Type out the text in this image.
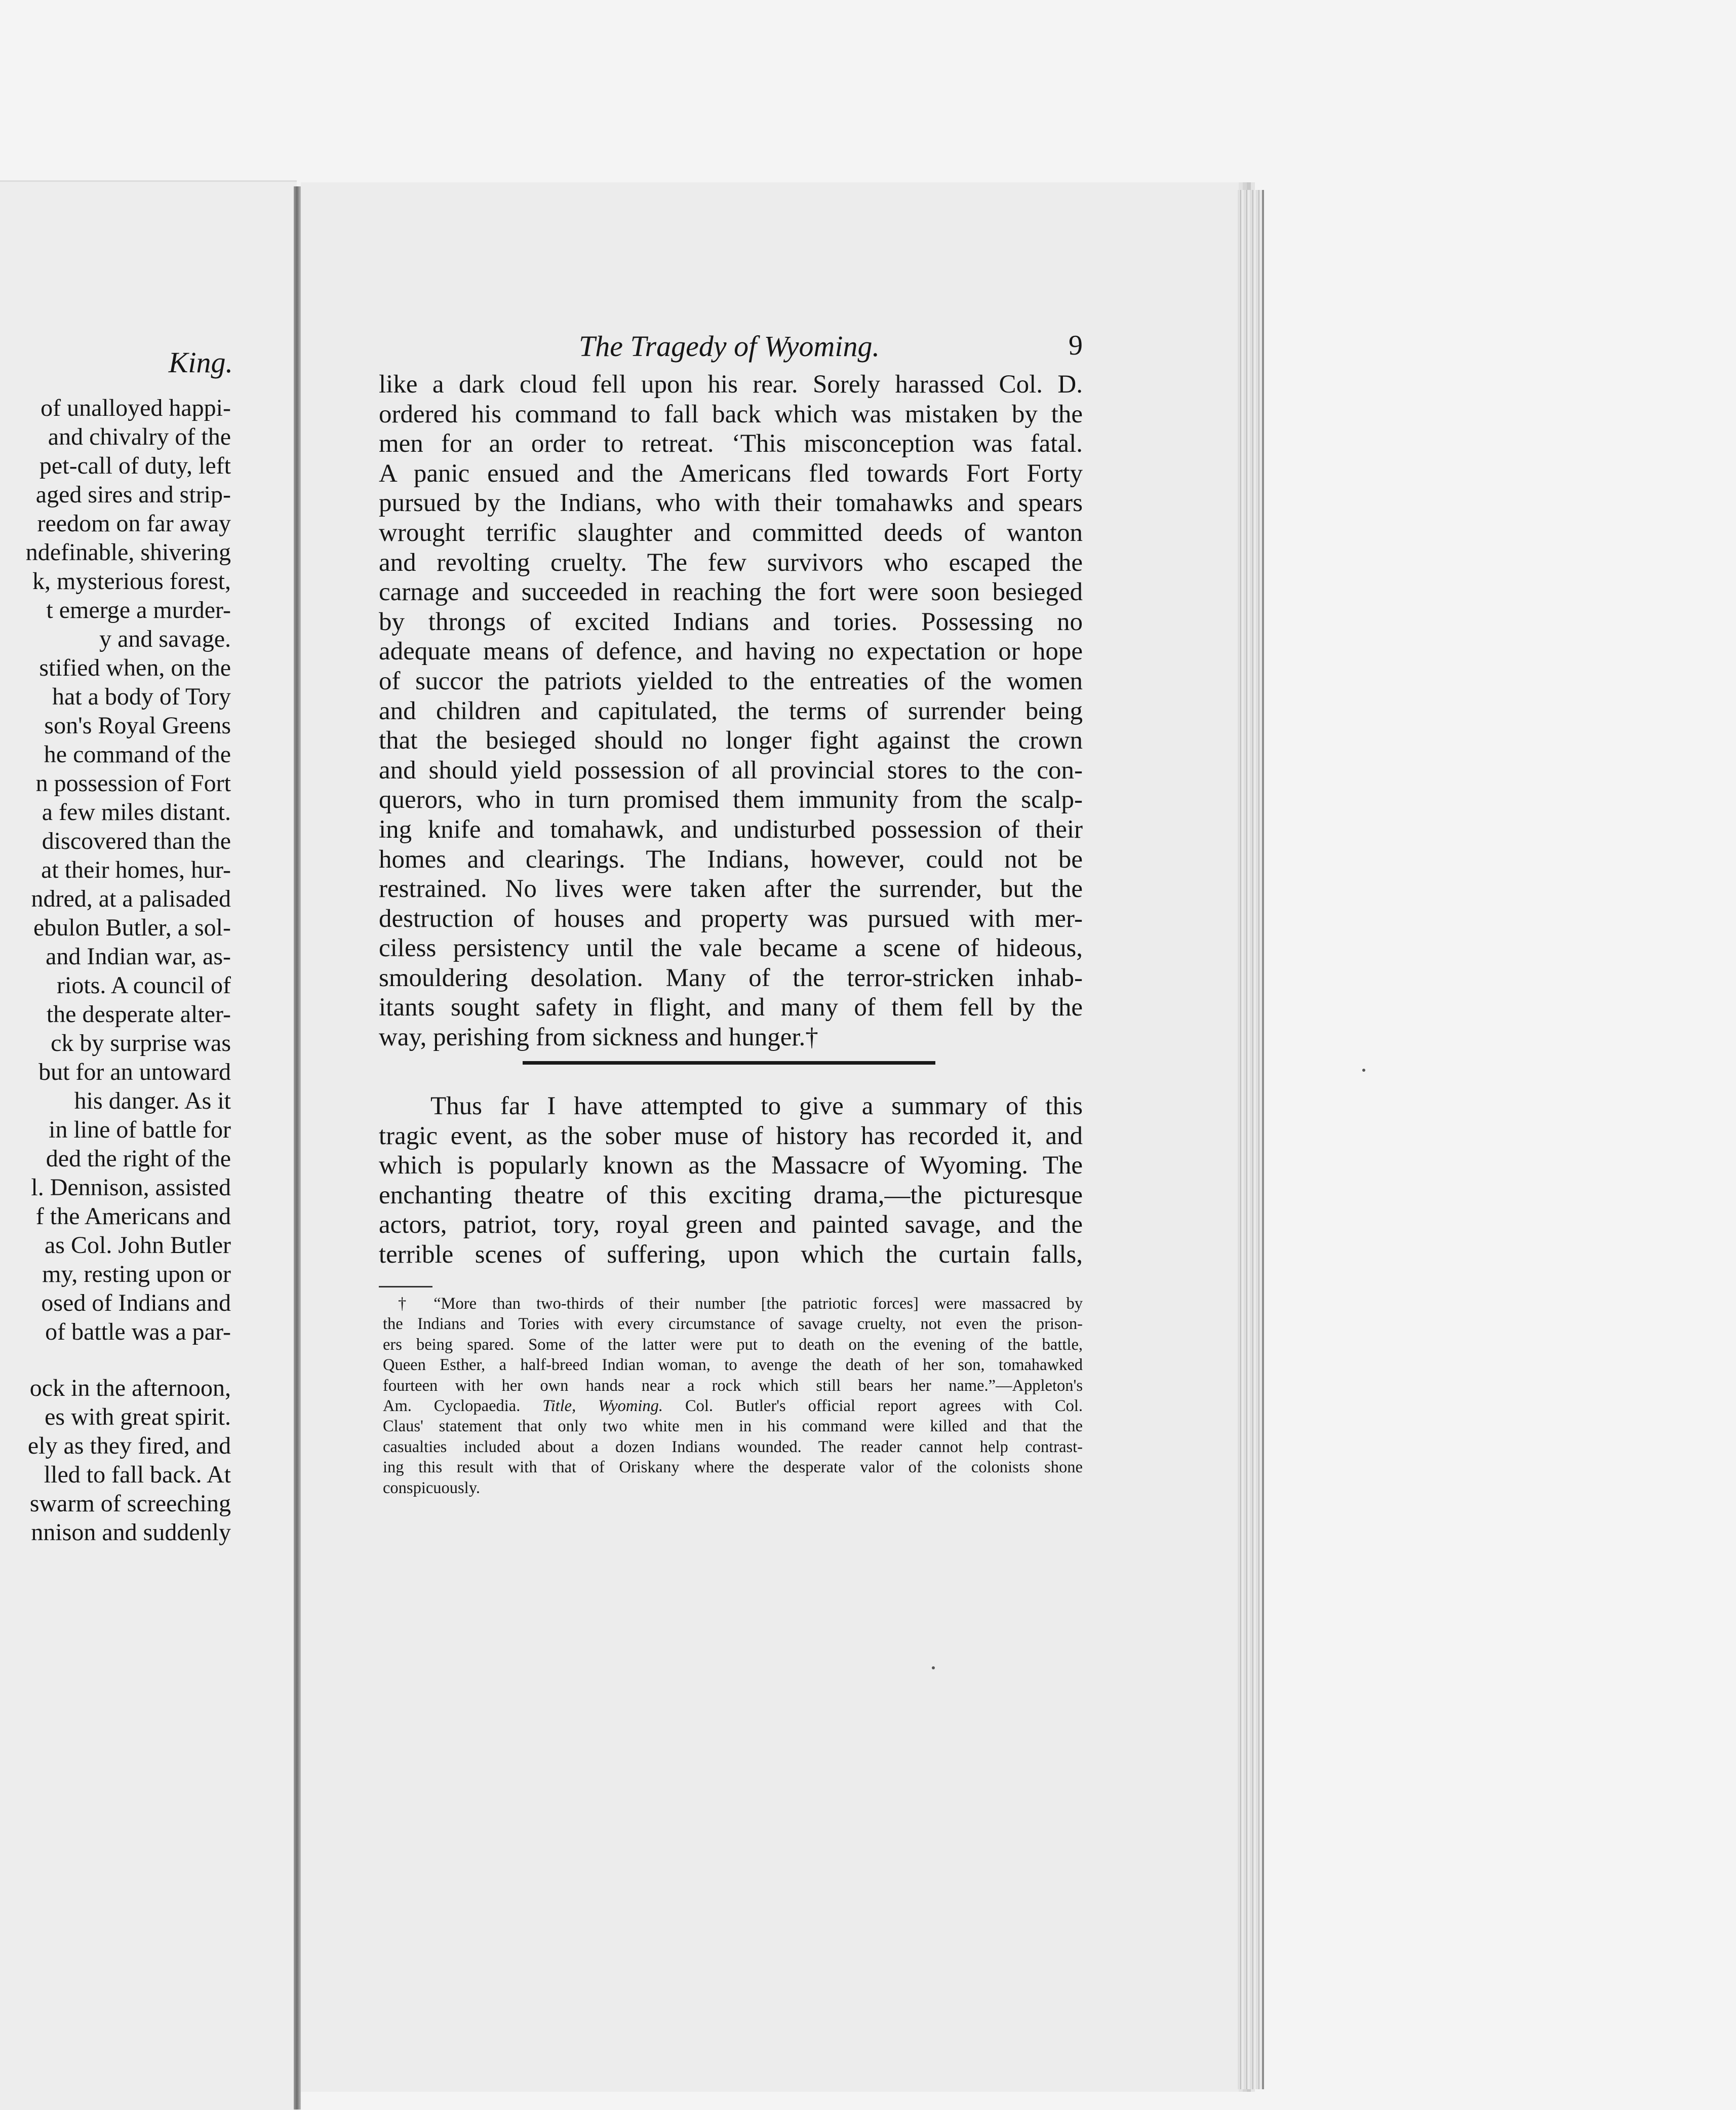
King.
of unalloyed happi-
and chivalry of the
pet-call of duty, left
aged sires and strip-
reedom on far away
ndefinable, shivering
k, mysterious forest,
t emerge a murder-
y and savage.
stified when, on the
hat a body of Tory
son's Royal Greens
he command of the
n possession of Fort
a few miles distant.
discovered than the
at their homes, hur-
ndred, at a palisaded
ebulon Butler, a sol-
and Indian war, as-
riots. A council of
the desperate alter-
ck by surprise was
but for an untoward
his danger. As it
in line of battle for
ded the right of the
l. Dennison, assisted
f the Americans and
as Col. John Butler
my, resting upon or
osed of Indians and
of battle was a par-
ock in the afternoon,
es with great spirit.
ely as they fired, and
lled to fall back. At
swarm of screeching
nnison and suddenly
The Tragedy of Wyoming.	9
like a dark cloud fell upon his rear. Sorely harassed Col. D.
ordered his command to fall back which was mistaken by the
men for an order to retreat. ‘This misconception was fatal.
A panic ensued and the Americans fled towards Fort Forty
pursued by the Indians, who with their tomahawks and spears
wrought terrific slaughter and committed deeds of wanton
and revolting cruelty. The few survivors who escaped the
carnage and succeeded in reaching the fort were soon besieged
by throngs of excited Indians and tories. Possessing no
adequate means of defence, and having no expectation or hope
of succor the patriots yielded to the entreaties of the women
and children and capitulated, the terms of surrender being
that the besieged should no longer fight against the crown
and should yield possession of all provincial stores to the con-
querors, who in turn promised them immunity from the scalp-
ing knife and tomahawk, and undisturbed possession of their
homes and clearings. The Indians, however, could not be
restrained. No lives were taken after the surrender, but the
destruction of houses and property was pursued with mer-
ciless persistency until the vale became a scene of hideous,
smouldering desolation. Many of the terror-stricken inhab-
itants sought safety in flight, and many of them fell by the
way, perishing from sickness and hunger.†
Thus far I have attempted to give a summary of this
tragic event, as the sober muse of history has recorded it, and
which is popularly known as the Massacre of Wyoming. The
enchanting theatre of this exciting drama,—the picturesque
actors, patriot, tory, royal green and painted savage, and the
terrible scenes of suffering, upon which the curtain falls,
† “More than two-thirds of their number [the patriotic forces] were massacred by
the Indians and Tories with every circumstance of savage cruelty, not even the prison-
ers being spared. Some of the latter were put to death on the evening of the battle,
Queen Esther, a half-breed Indian woman, to avenge the death of her son, tomahawked
fourteen with her own hands near a rock which still bears her name.”—Appleton's
Am. Cyclopaedia. Title, Wyoming. Col. Butler's official report agrees with Col.
Claus' statement that only two white men in his command were killed and that the
casualties included about a dozen Indians wounded. The reader cannot help contrast-
ing this result with that of Oriskany where the desperate valor of the colonists shone
conspicuously.
